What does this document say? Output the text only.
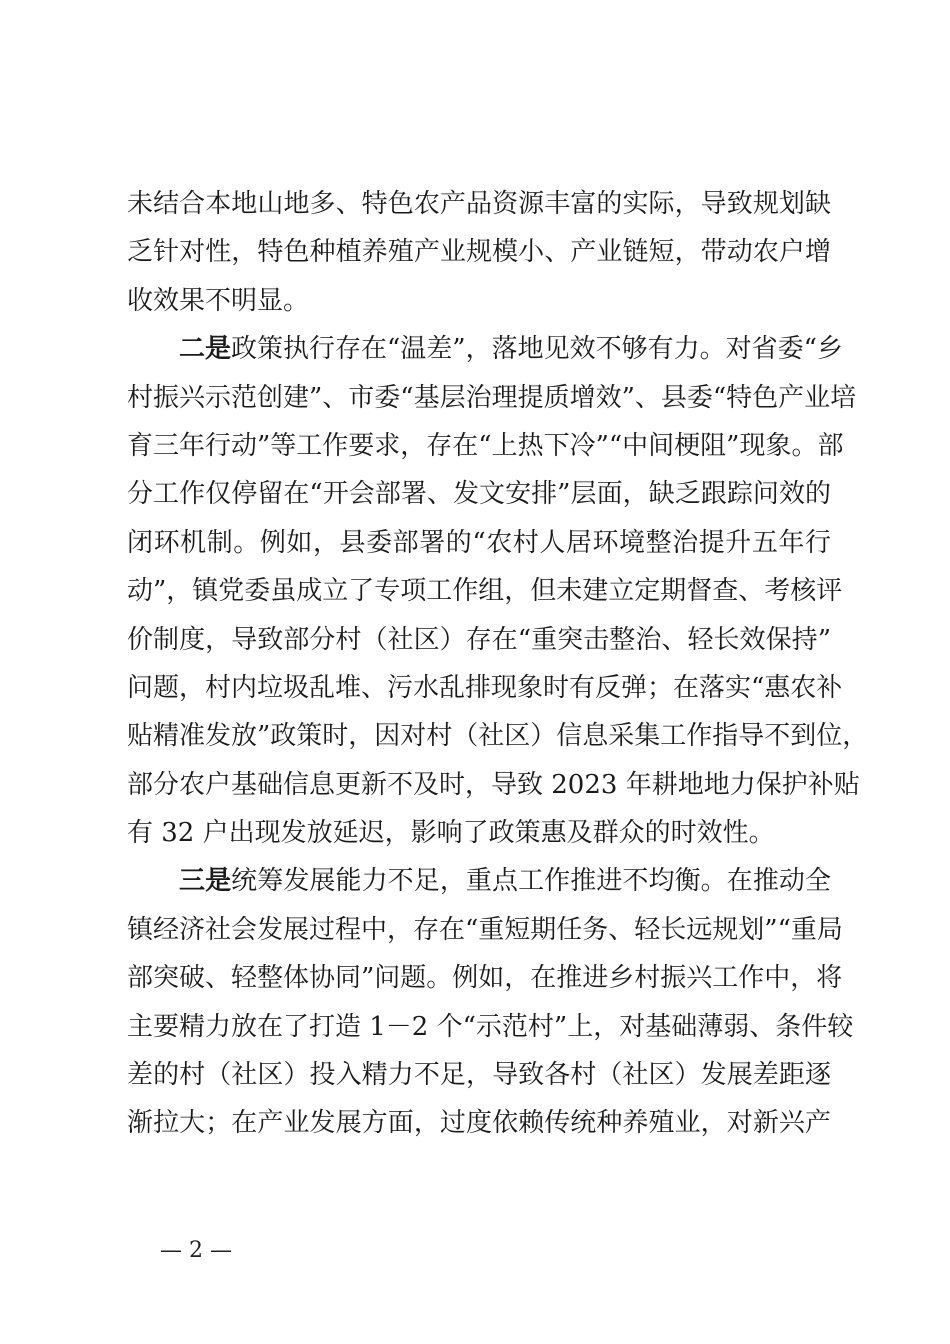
未结合本地山地多、特色农产品资源丰富的实际，导致规划缺
乏针对性，特色种植养殖产业规模小、产业链短，带动农户增
收效果不明显。
二是政策执行存在“温差”，落地见效不够有力。对省委“乡
村振兴示范创建”、市委“基层治理提质增效”、县委“特色产业培
育三年行动”等工作要求，存在“上热下冷”“中间梗阻”现象。部
分工作仅停留在“开会部署、发文安排”层面，缺乏跟踪问效的
闭环机制。例如，县委部署的“农村人居环境整治提升五年行
动”，镇党委虽成立了专项工作组，但未建立定期督查、考核评
价制度，导致部分村（社区）存在“重突击整治、轻长效保持”
问题，村内垃圾乱堆、污水乱排现象时有反弹；在落实“惠农补
贴精准发放”政策时，因对村（社区）信息采集工作指导不到位，
部分农户基础信息更新不及时，导致 2023 年耕地地力保护补贴
有 32 户出现发放延迟，影响了政策惠及群众的时效性。
三是统筹发展能力不足，重点工作推进不均衡。在推动全
镇经济社会发展过程中，存在“重短期任务、轻长远规划”“重局
部突破、轻整体协同”问题。例如，在推进乡村振兴工作中，将
主要精力放在了打造 1－2 个“示范村”上，对基础薄弱、条件较
差的村（社区）投入精力不足，导致各村（社区）发展差距逐
渐拉大；在产业发展方面，过度依赖传统种养殖业，对新兴产
— 2 —
